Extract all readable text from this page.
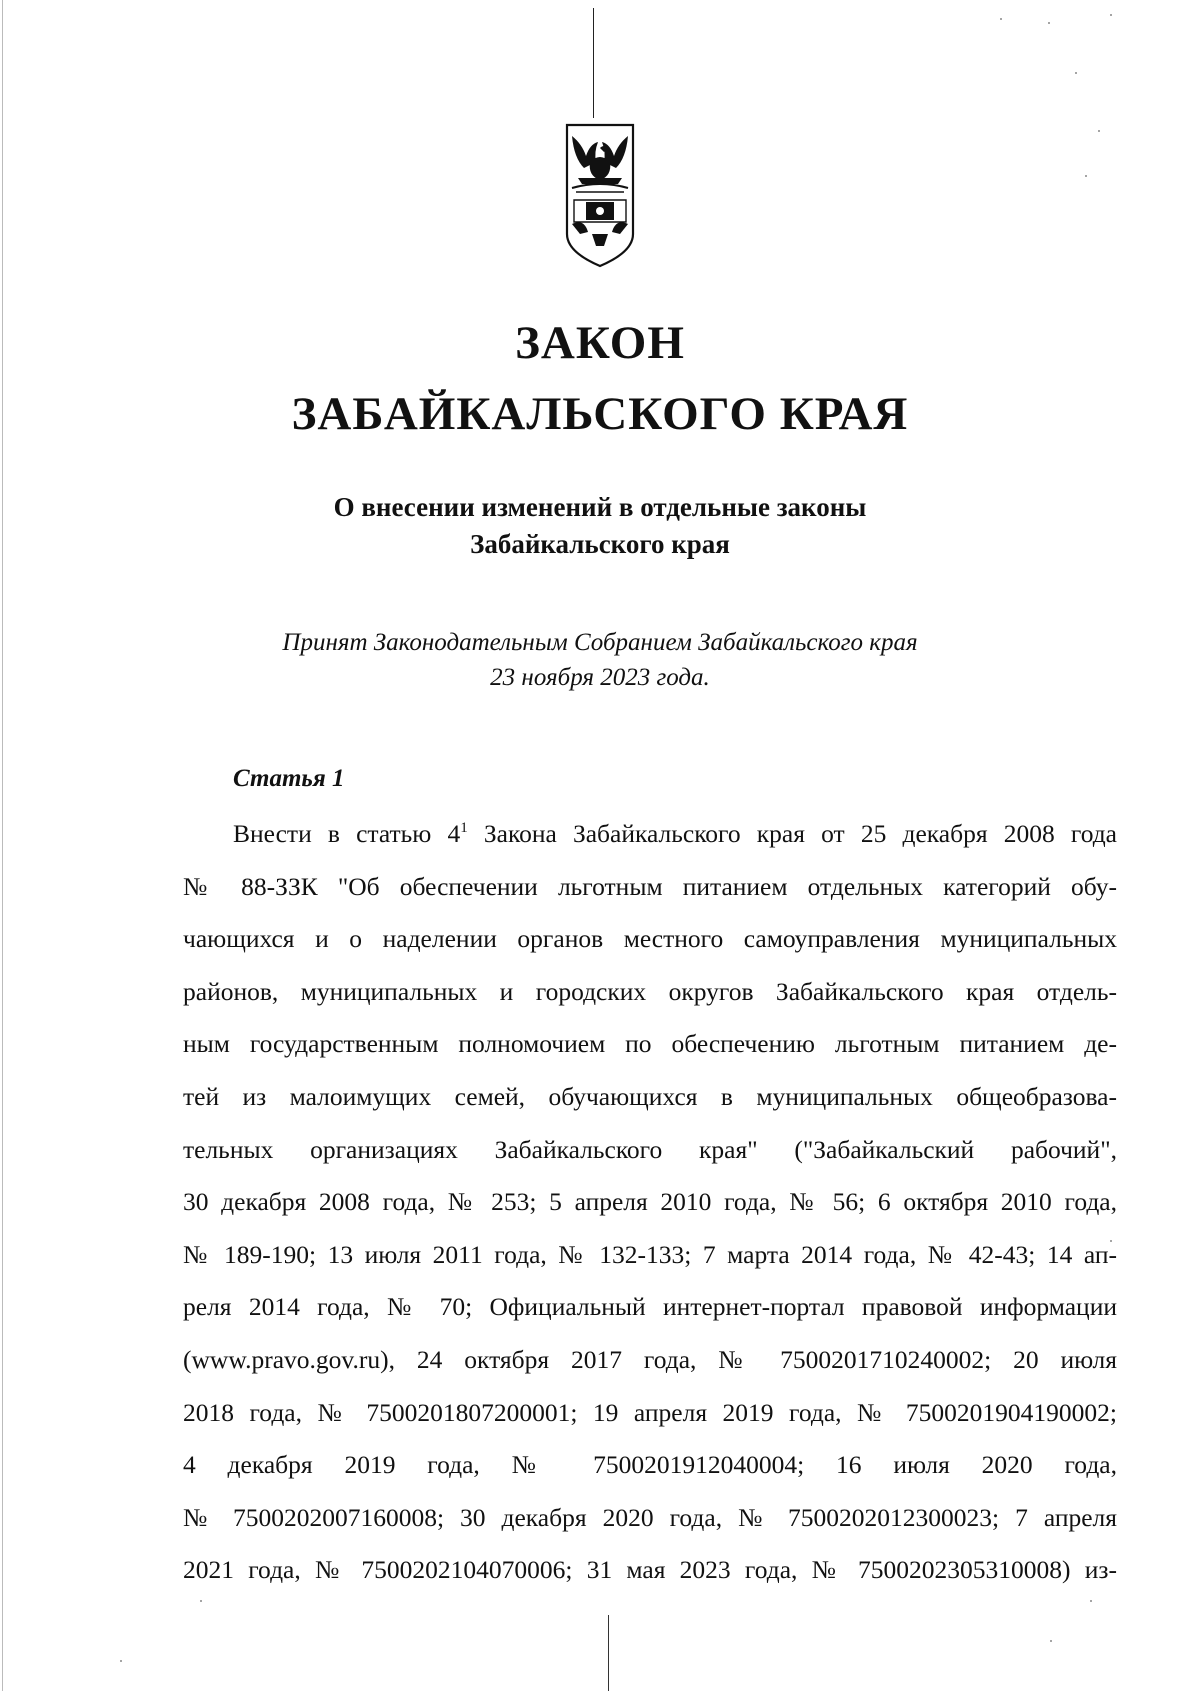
ЗАКОН
ЗАБАЙКАЛЬСКОГО КРАЯ
О внесении изменений в отдельные законы
Забайкальского края
Принят Законодательным Собранием Забайкальского края
23 ноября 2023 года.
Статья 1
Внести в статью $4^1$ Закона Забайкальского края от 25 декабря 2008 года
№ 88-ЗЗК "Об обеспечении льготным питанием отдельных категорий обу-
чающихся и о наделении органов местного самоуправления муниципальных
районов, муниципальных и городских округов Забайкальского края отдель-
ным государственным полномочием по обеспечению льготным питанием де-
тей из малоимущих семей, обучающихся в муниципальных общеобразова-
тельных организациях Забайкальского края" ("Забайкальский рабочий",
30 декабря 2008 года, № 253; 5 апреля 2010 года, № 56; 6 октября 2010 года,
№ 189-190; 13 июля 2011 года, № 132-133; 7 марта 2014 года, № 42-43; 14 ап-
реля 2014 года, № 70; Официальный интернет-портал правовой информации
(www.pravo.gov.ru), 24 октября 2017 года, № 7500201710240002; 20 июля
2018 года, № 7500201807200001; 19 апреля 2019 года, № 7500201904190002;
4 декабря 2019 года, № 7500201912040004; 16 июля 2020 года,
№ 7500202007160008; 30 декабря 2020 года, № 7500202012300023; 7 апреля
2021 года, № 7500202104070006; 31 мая 2023 года, № 7500202305310008) из-
